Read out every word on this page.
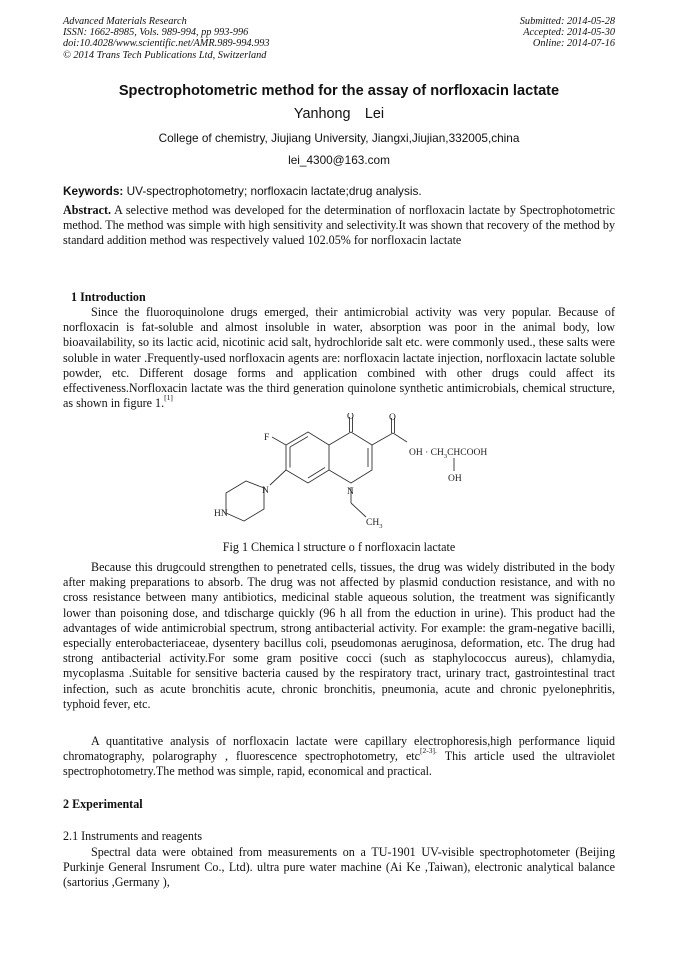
Advanced Materials Research
ISSN: 1662-8985, Vols. 989-994, pp 993-996
doi:10.4028/www.scientific.net/AMR.989-994.993
© 2014 Trans Tech Publications Ltd, Switzerland
Submitted: 2014-05-28
Accepted: 2014-05-30
Online: 2014-07-16
Spectrophotometric method for the assay of norfloxacin lactate
Yanhong Lei
College of chemistry, Jiujiang University, Jiangxi,Jiujian,332005,china
lei_4300@163.com
Keywords: UV-spectrophotometry; norfloxacin lactate;drug analysis.

Abstract. A selective method was developed for the determination of norfloxacin lactate by Spectrophotometric method. The method was simple with high sensitivity and selectivity.It was shown that recovery of the method by standard addition method was respectively valued 102.05% for norfloxacin lactate

1 Introduction

Since the fluoroquinolone drugs emerged, their antimicrobial activity was very popular. Because of norfloxacin is fat-soluble and almost insoluble in water, absorption was poor in the animal body, low bioavailability, so its lactic acid, nicotinic acid salt, hydrochloride salt etc. were commonly used., these salts were soluble in water .Frequently-used norfloxacin agents are: norfloxacin lactate injection, norfloxacin lactate soluble powder, etc. Different dosage forms and application combined with other drugs could affect its effectiveness.Norfloxacin lactate was the third generation quinolone synthetic antimicrobials, chemical structure, as shown in figure 1.[1]

O	O
F
N	N
HN
$CH_3$
OH · $CH_3CHCOOH$
OH
Fig 1 Chemica l structure o f norfloxacin lactate

Because this drugcould strengthen to penetrated cells, tissues, the drug was widely distributed in the body after making preparations to absorb. The drug was not affected by plasmid conduction resistance, and with no cross resistance between many antibiotics, medicinal stable aqueous solution, the treatment was significantly lower than poisoning dose, and tdischarge quickly (96 h all from the eduction in urine). This product had the advantages of wide antimicrobial spectrum, strong antibacterial activity. For example: the gram-negative bacilli, especially enterobacteriaceae, dysentery bacillus coli, pseudomonas aeruginosa, deformation, etc. The drug had strong antibacterial activity.For some gram positive cocci (such as staphylococcus aureus), chlamydia, mycoplasma .Suitable for sensitive bacteria caused by the respiratory tract, urinary tract, gastrointestinal tract infection, such as acute bronchitis acute, chronic bronchitis, pneumonia, acute and chronic pyelonephritis, typhoid fever, etc.

A quantitative analysis of norfloxacin lactate were capillary electrophoresis,high performance liquid chromatography, polarography , fluorescence spectrophotometry, etc$^{[2-3].}$ This article used the ultraviolet spectrophotometry.The method was simple, rapid, economical and practical.

2 Experimental
2.1 Instruments and reagents

Spectral data were obtained from measurements on a TU-1901 UV-visible spectrophotometer (Beijing Purkinje General Insrument Co., Ltd). ultra pure water machine (Ai Ke ,Taiwan), electronic analytical balance (sartorius ,Germany ),
